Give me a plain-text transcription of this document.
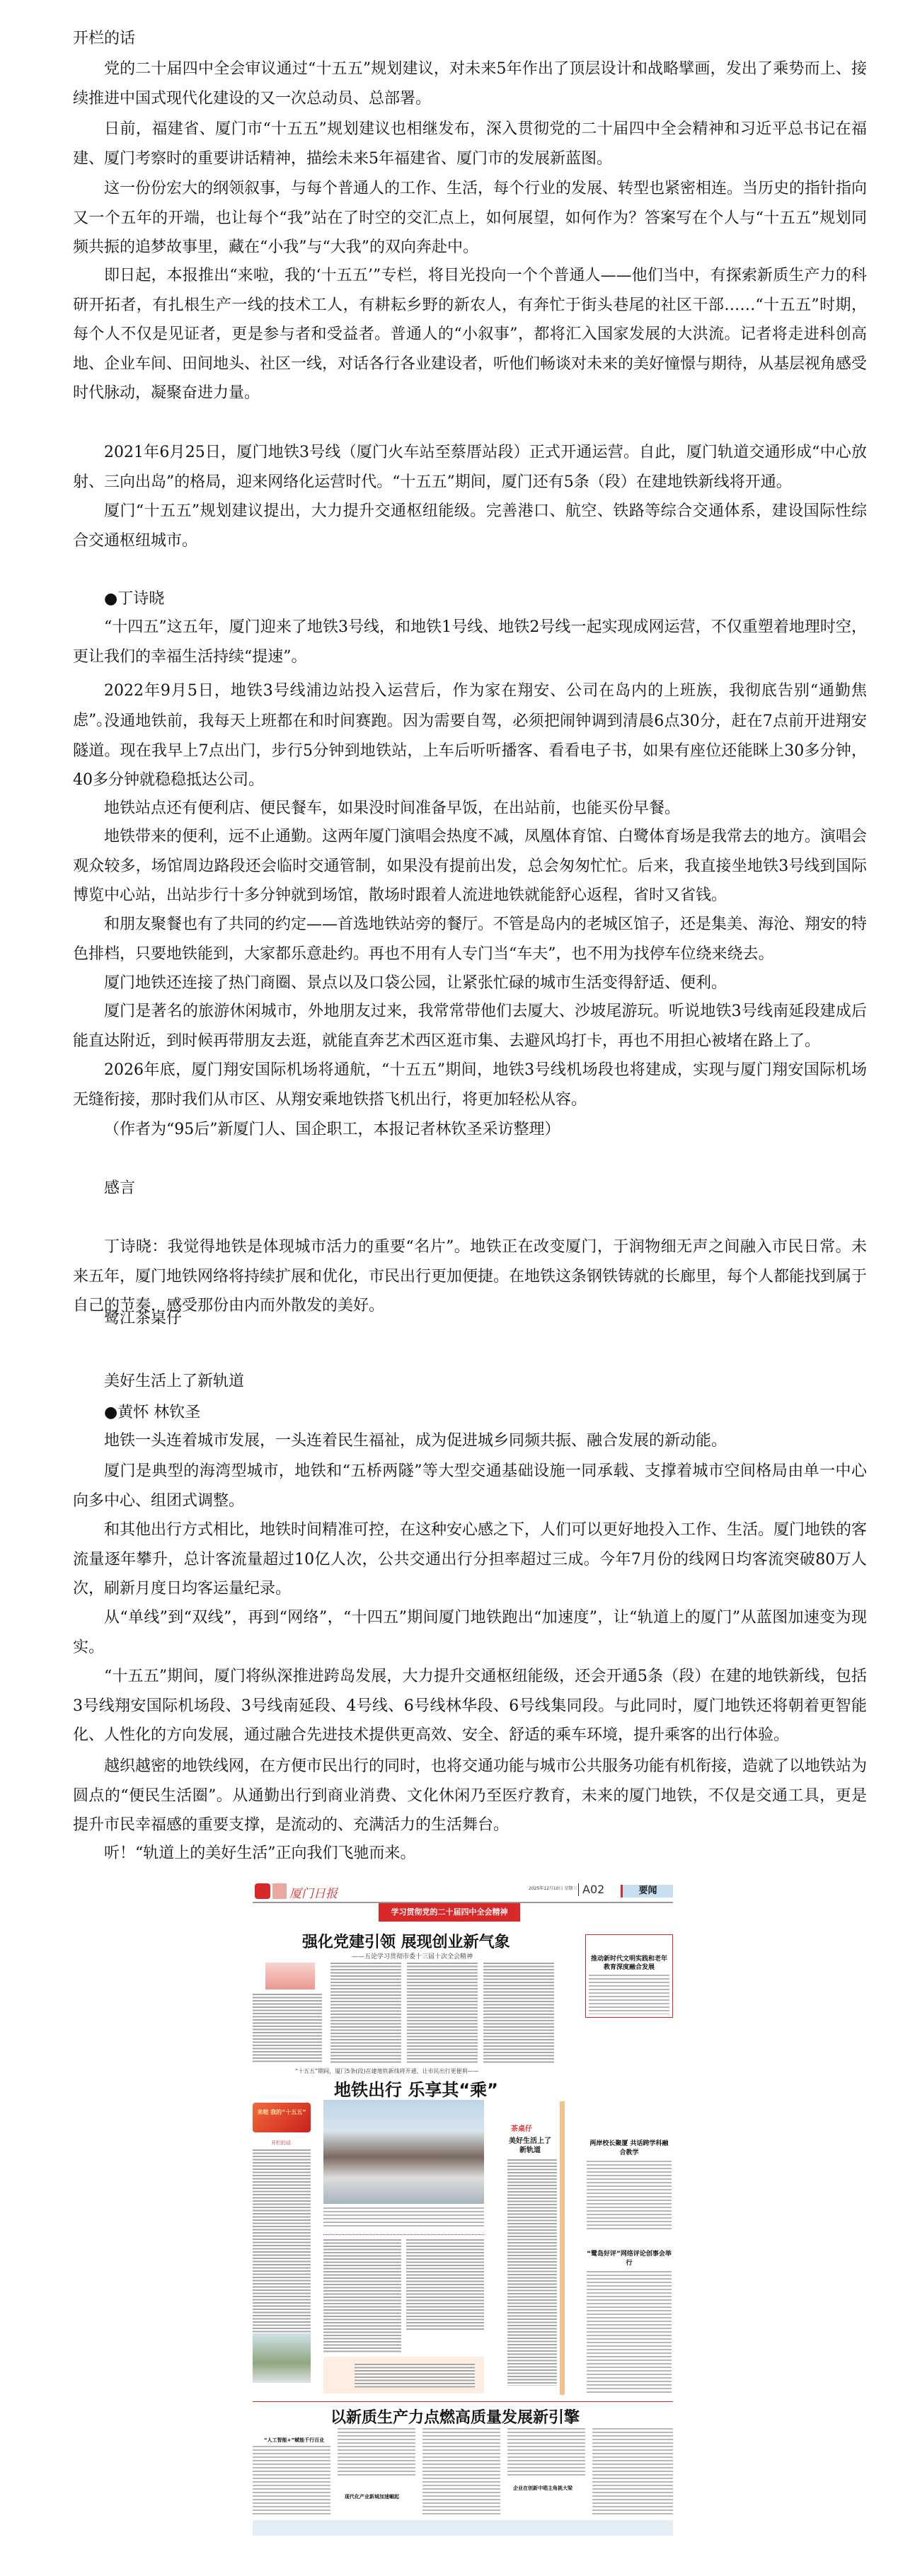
开栏的话

党的二十届四中全会审议通过“十五五”规划建议，对未来5年作出了顶层设计和战略擘画，发出了乘势而上、接续推进中国式现代化建设的又一次总动员、总部署。

日前，福建省、厦门市“十五五”规划建议也相继发布，深入贯彻党的二十届四中全会精神和习近平总书记在福建、厦门考察时的重要讲话精神，描绘未来5年福建省、厦门市的发展新蓝图。

这一份份宏大的纲领叙事，与每个普通人的工作、生活，每个行业的发展、转型也紧密相连。当历史的指针指向又一个五年的开端，也让每个“我”站在了时空的交汇点上，如何展望，如何作为？答案写在个人与“十五五”规划同频共振的追梦故事里，藏在“小我”与“大我”的双向奔赴中。

即日起，本报推出“来啦，我的‘十五五’”专栏，将目光投向一个个普通人——他们当中，有探索新质生产力的科研开拓者，有扎根生产一线的技术工人，有耕耘乡野的新农人，有奔忙于街头巷尾的社区干部……“十五五”时期，每个人不仅是见证者，更是参与者和受益者。普通人的“小叙事”，都将汇入国家发展的大洪流。记者将走进科创高地、企业车间、田间地头、社区一线，对话各行各业建设者，听他们畅谈对未来的美好憧憬与期待，从基层视角感受时代脉动，凝聚奋进力量。

2021年6月25日，厦门地铁3号线（厦门火车站至蔡厝站段）正式开通运营。自此，厦门轨道交通形成“中心放射、三向出岛”的格局，迎来网络化运营时代。“十五五”期间，厦门还有5条（段）在建地铁新线将开通。

厦门“十五五”规划建议提出，大力提升交通枢纽能级。完善港口、航空、铁路等综合交通体系，建设国际性综合交通枢纽城市。

●丁诗晓

“十四五”这五年，厦门迎来了地铁3号线，和地铁1号线、地铁2号线一起实现成网运营，不仅重塑着地理时空，更让我们的幸福生活持续“提速”。

2022年9月5日，地铁3号线浦边站投入运营后，作为家在翔安、公司在岛内的上班族，我彻底告别“通勤焦虑”。

没通地铁前，我每天上班都在和时间赛跑。因为需要自驾，必须把闹钟调到清晨6点30分，赶在7点前开进翔安隧道。现在我早上7点出门，步行5分钟到地铁站，上车后听听播客、看看电子书，如果有座位还能眯上30多分钟，40多分钟就稳稳抵达公司。

地铁站点还有便利店、便民餐车，如果没时间准备早饭，在出站前，也能买份早餐。

地铁带来的便利，远不止通勤。这两年厦门演唱会热度不减，凤凰体育馆、白鹭体育场是我常去的地方。演唱会观众较多，场馆周边路段还会临时交通管制，如果没有提前出发，总会匆匆忙忙。后来，我直接坐地铁3号线到国际博览中心站，出站步行十多分钟就到场馆，散场时跟着人流进地铁就能舒心返程，省时又省钱。

和朋友聚餐也有了共同的约定——首选地铁站旁的餐厅。不管是岛内的老城区馆子，还是集美、海沧、翔安的特色排档，只要地铁能到，大家都乐意赴约。再也不用有人专门当“车夫”，也不用为找停车位绕来绕去。

厦门地铁还连接了热门商圈、景点以及口袋公园，让紧张忙碌的城市生活变得舒适、便利。

厦门是著名的旅游休闲城市，外地朋友过来，我常常带他们去厦大、沙坡尾游玩。听说地铁3号线南延段建成后能直达附近，到时候再带朋友去逛，就能直奔艺术西区逛市集、去避风坞打卡，再也不用担心被堵在路上了。

2026年底，厦门翔安国际机场将通航，“十五五”期间，地铁3号线机场段也将建成，实现与厦门翔安国际机场无缝衔接，那时我们从市区、从翔安乘地铁搭飞机出行，将更加轻松从容。

（作者为“95后”新厦门人、国企职工，本报记者林钦圣采访整理）

感言

丁诗晓：我觉得地铁是体现城市活力的重要“名片”。地铁正在改变厦门，于润物细无声之间融入市民日常。未来五年，厦门地铁网络将持续扩展和优化，市民出行更加便捷。在地铁这条钢铁铸就的长廊里，每个人都能找到属于自己的节奏，感受那份由内而外散发的美好。

鹭江茶桌仔

美好生活上了新轨道

●黄怀 林钦圣

地铁一头连着城市发展，一头连着民生福祉，成为促进城乡同频共振、融合发展的新动能。

厦门是典型的海湾型城市，地铁和“五桥两隧”等大型交通基础设施一同承载、支撑着城市空间格局由单一中心向多中心、组团式调整。

和其他出行方式相比，地铁时间精准可控，在这种安心感之下，人们可以更好地投入工作、生活。厦门地铁的客流量逐年攀升，总计客流量超过10亿人次，公共交通出行分担率超过三成。今年7月份的线网日均客流突破80万人次，刷新月度日均客运量纪录。

从“单线”到“双线”，再到“网络”，“十四五”期间厦门地铁跑出“加速度”，让“轨道上的厦门”从蓝图加速变为现实。

“十五五”期间，厦门将纵深推进跨岛发展，大力提升交通枢纽能级，还会开通5条（段）在建的地铁新线，包括3号线翔安国际机场段、3号线南延段、4号线、6号线林华段、6号线集同段。与此同时，厦门地铁还将朝着更智能化、人性化的方向发展，通过融合先进技术提供更高效、安全、舒适的乘车环境，提升乘客的出行体验。

越织越密的地铁线网，在方便市民出行的同时，也将交通功能与城市公共服务功能有机衔接，造就了以地铁站为圆点的“便民生活圈”。从通勤出行到商业消费、文化休闲乃至医疗教育，未来的厦门地铁，不仅是交通工具，更是提升市民幸福感的重要支撑，是流动的、充满活力的生活舞台。

听！“轨道上的美好生活”正向我们飞驰而来。

厦门日报	2025年12月10日 星期三 A02	要闻
学习贯彻党的二十届四中全会精神
强化党建引领 展现创业新气象
——五论学习贯彻市委十三届十次全会精神	推动新时代文明实践和老年教育深度融合发展
“十五五”期间，厦门5条(段)在建地铁新线将开通，让市民出行更便利——
地铁出行 乐享其“乘”
来啦 我的“十五五”
开栏的话
茶桌仔
美好生活上了新轨道
两岸校长聚厦 共话跨学科融合教学
“鹭岛好评”网络评论创事会举行
以新质生产力点燃高质量发展新引擎
“人工智能+”赋能千行百业
现代化产业新城加速崛起
企业在创新中唱主角挑大梁
